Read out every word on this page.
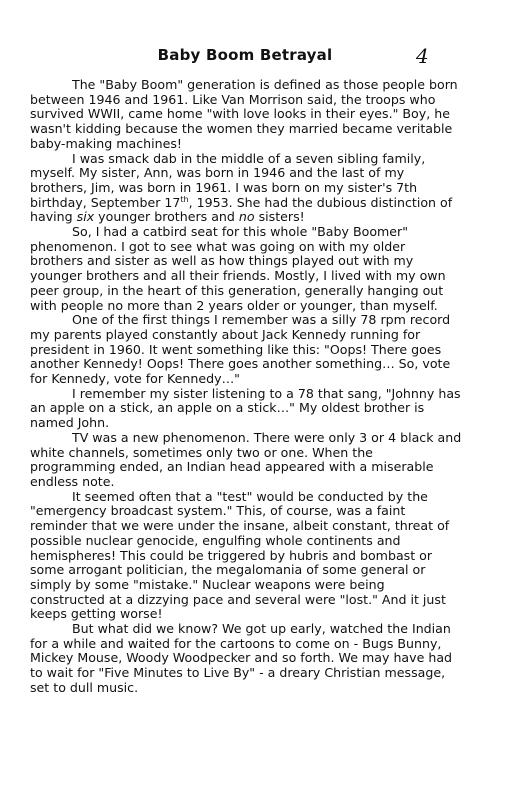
Baby Boom Betrayal	4

The "Baby Boom" generation is defined as those people born between 1946 and 1961. Like Van Morrison said, the troops who survived WWII, came home "with love looks in their eyes." Boy, he wasn't kidding because the women they married became veritable baby-making machines!

I was smack dab in the middle of a seven sibling family, myself. My sister, Ann, was born in 1946 and the last of my brothers, Jim, was born in 1961. I was born on my sister's 7th birthday, September 17th, 1953. She had the dubious distinction of having six younger brothers and no sisters!

So, I had a catbird seat for this whole "Baby Boomer" phenomenon. I got to see what was going on with my older brothers and sister as well as how things played out with my younger brothers and all their friends. Mostly, I lived with my own peer group, in the heart of this generation, generally hanging out with people no more than 2 years older or younger, than myself.

One of the first things I remember was a silly 78 rpm record my parents played constantly about Jack Kennedy running for president in 1960. It went something like this: "Oops! There goes another Kennedy! Oops! There goes another something… So, vote for Kennedy, vote for Kennedy…"

I remember my sister listening to a 78 that sang, "Johnny has an apple on a stick, an apple on a stick…" My oldest brother is named John.

TV was a new phenomenon. There were only 3 or 4 black and white channels, sometimes only two or one. When the programming ended, an Indian head appeared with a miserable endless note.

It seemed often that a "test" would be conducted by the "emergency broadcast system." This, of course, was a faint reminder that we were under the insane, albeit constant, threat of possible nuclear genocide, engulfing whole continents and hemispheres! This could be triggered by hubris and bombast or some arrogant politician, the megalomania of some general or simply by some "mistake." Nuclear weapons were being constructed at a dizzying pace and several were "lost." And it just keeps getting worse!

But what did we know? We got up early, watched the Indian for a while and waited for the cartoons to come on - Bugs Bunny, Mickey Mouse, Woody Woodpecker and so forth. We may have had to wait for "Five Minutes to Live By" - a dreary Christian message, set to dull music.
